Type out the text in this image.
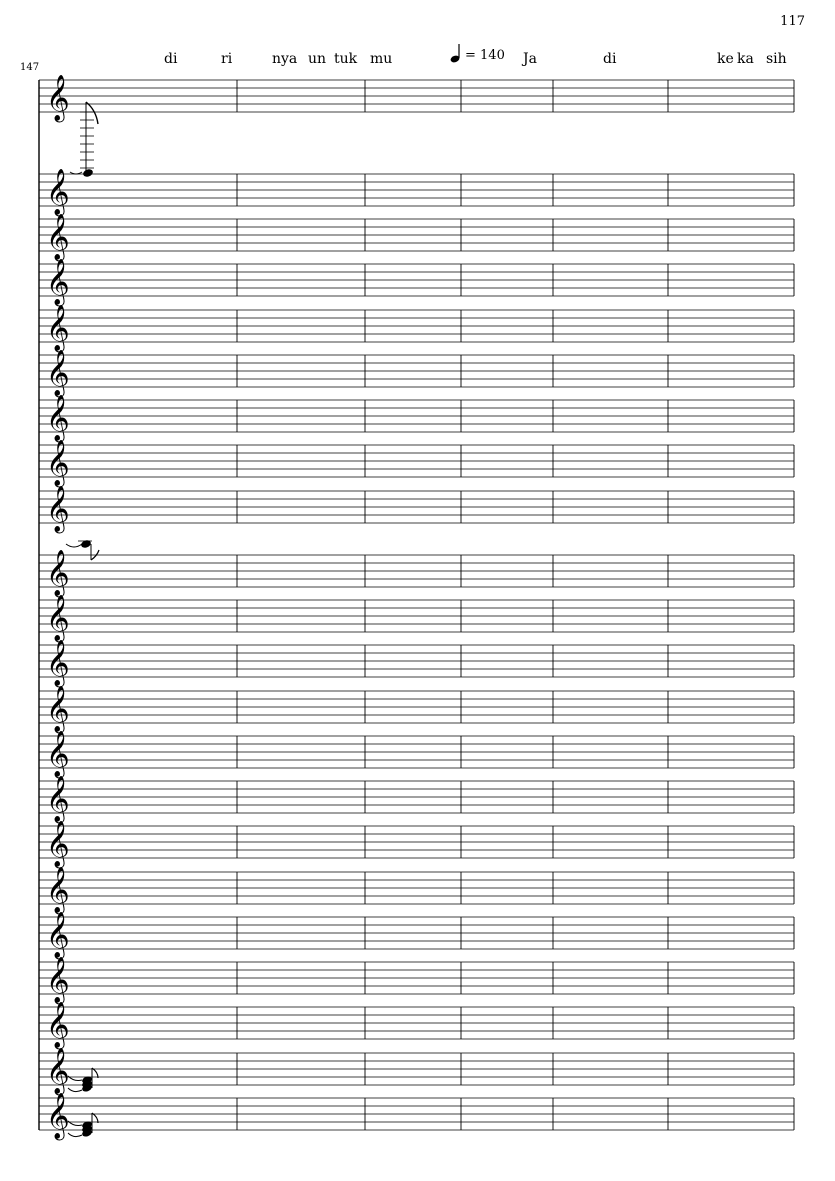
117
147
= 140
di	ri	nya un tuk mu	Ja	di	ke ka sih
𝄞
𝄞
𝄞
𝄞
𝄞
𝄞
𝄞
𝄞
𝄞
𝄞
𝄞
𝄞
𝄞
𝄞
𝄞
𝄞
𝄞
𝄞
𝄞
𝄞
𝄞
𝄞
